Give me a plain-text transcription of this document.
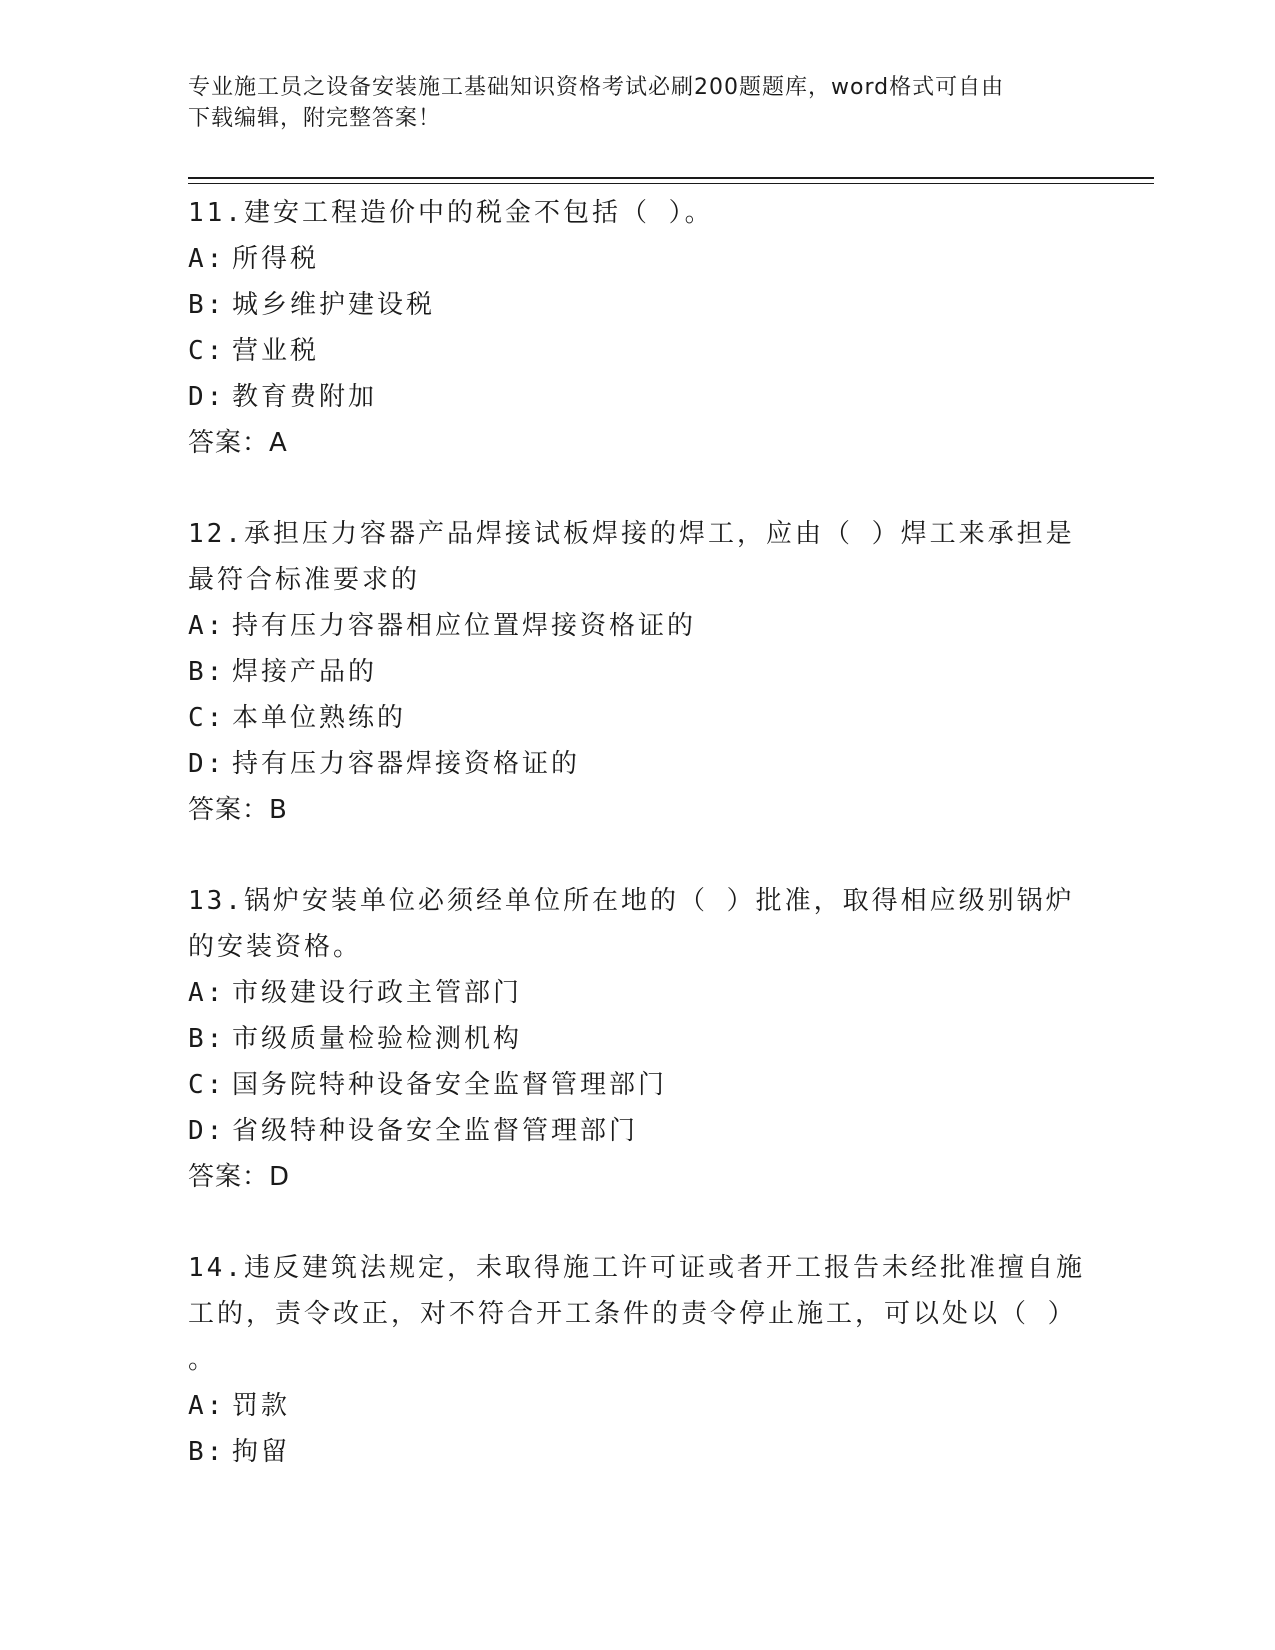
专业施工员之设备安装施工基础知识资格考试必刷200题题库，word格式可自由
下载编辑，附完整答案！
11.建安工程造价中的税金不包括（ ）。
A: 所得税
B: 城乡维护建设税
C: 营业税
D: 教育费附加
答案：A
12.承担压力容器产品焊接试板焊接的焊工，应由（ ）焊工来承担是
最符合标准要求的
A: 持有压力容器相应位置焊接资格证的
B: 焊接产品的
C: 本单位熟练的
D: 持有压力容器焊接资格证的
答案：B
13.锅炉安装单位必须经单位所在地的（ ）批准，取得相应级别锅炉
的安装资格。
A: 市级建设行政主管部门
B: 市级质量检验检测机构
C: 国务院特种设备安全监督管理部门
D: 省级特种设备安全监督管理部门
答案：D
14.违反建筑法规定，未取得施工许可证或者开工报告未经批准擅自施
工的，责令改正，对不符合开工条件的责令停止施工，可以处以（ ）
。
A: 罚款
B: 拘留
